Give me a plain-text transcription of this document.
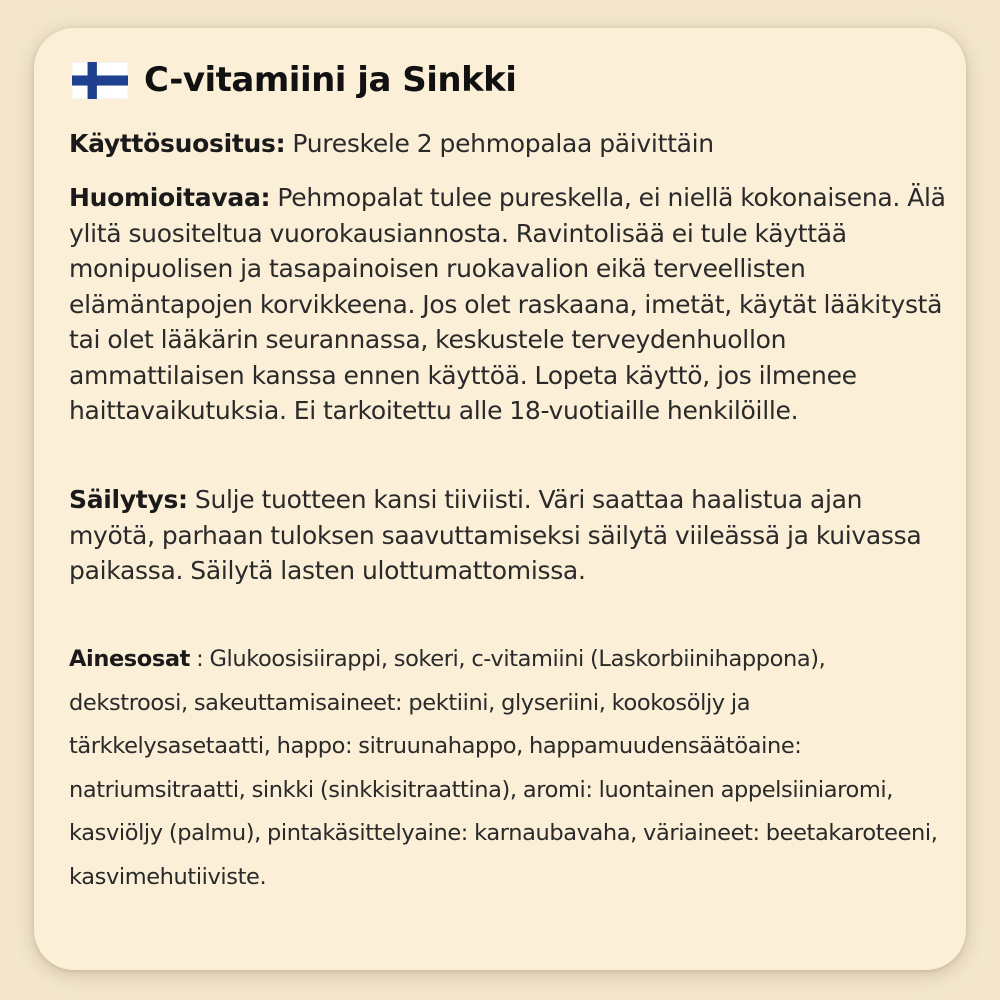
C-vitamiini ja Sinkki
Käyttösuositus: Pureskele 2 pehmopalaa päivittäin
Huomioitavaa: Pehmopalat tulee pureskella, ei niellä kokonaisena. Älä ylitä suositeltua vuorokausiannosta. Ravintolisää ei tule käyttää monipuolisen ja tasapainoisen ruokavalion eikä terveellisten elämäntapojen korvikkeena. Jos olet raskaana, imetät, käytät lääkitystä tai olet lääkärin seurannassa, keskustele terveydenhuollon ammattilaisen kanssa ennen käyttöä. Lopeta käyttö, jos ilmenee haittavaikutuksia. Ei tarkoitettu alle 18-vuotiaille henkilöille.
Säilytys: Sulje tuotteen kansi tiiviisti. Väri saattaa haalistua ajan myötä, parhaan tuloksen saavuttamiseksi säilytä viileässä ja kuivassa paikassa. Säilytä lasten ulottumattomissa.
Ainesosat : Glukoosisiirappi, sokeri, c-vitamiini (Laskorbiinihappona), dekstroosi, sakeuttamisaineet: pektiini, glyseriini, kookosöljy ja tärkkelysasetaatti, happo: sitruunahappo, happamuudensäätöaine: natriumsitraatti, sinkki (sinkkisitraattina), aromi: luontainen appelsiiniaromi, kasviöljy (palmu), pintakäsittelyaine: karnaubavaha, väriaineet: beetakaroteeni, kasvimehutiiviste.
